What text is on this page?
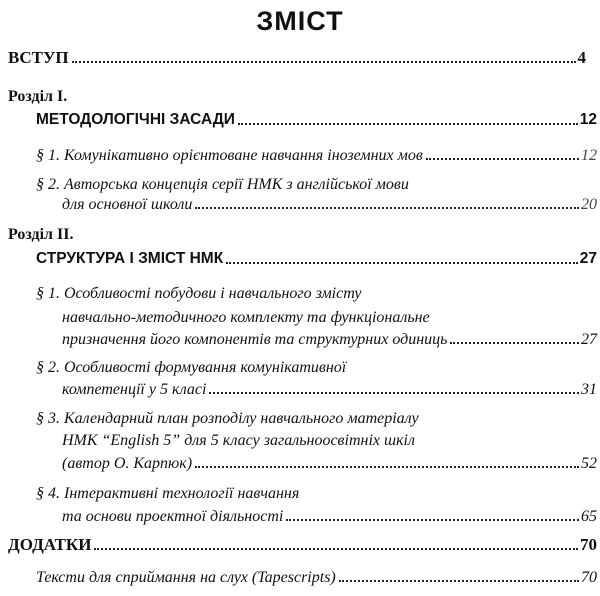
ЗМІСТ
ВСТУП	4
Розділ I.
МЕТОДОЛОГІЧНІ ЗАСАДИ	12
§ 1. Комунікативно орієнтоване навчання іноземних мов	12
§ 2. Авторська концепція серії НМК з англійської мови
для основної школи	20
Розділ II.
СТРУКТУРА І ЗМІСТ НМК	27
§ 1. Особливості побудови і навчального змісту
навчально-методичного комплекту та функціональне
призначення його компонентів та структурних одиниць	27
§ 2. Особливості формування комунікативної
компетенції у 5 класі	31
§ 3. Календарний план розподілу навчального матеріалу
НМК “English 5” для 5 класу загальноосвітніх шкіл
(автор О. Карпюк)	52
§ 4. Інтерактивні технології навчання
та основи проектної діяльності	65
ДОДАТКИ	70
Тексти для сприймання на слух (Tapescripts)	70
